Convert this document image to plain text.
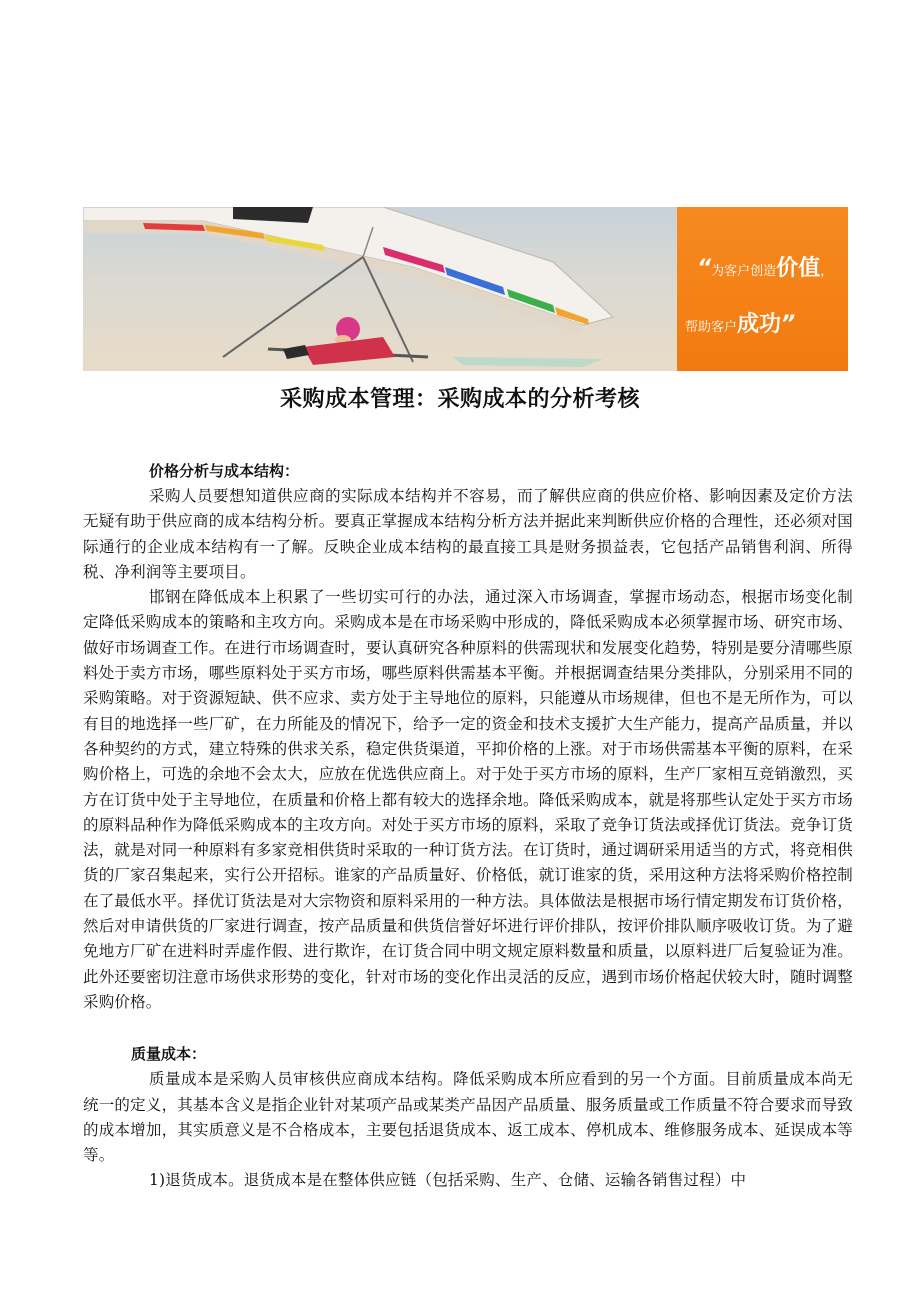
“为客户创造价值，
帮助客户成功”
采购成本管理：采购成本的分析考核
价格分析与成本结构：

采购人员要想知道供应商的实际成本结构并不容易，而了解供应商的供应价格、影响因素及定价方法无疑有助于供应商的成本结构分析。要真正掌握成本结构分析方法并据此来判断供应价格的合理性，还必须对国际通行的企业成本结构有一了解。反映企业成本结构的最直接工具是财务损益表，它包括产品销售利润、所得税、净利润等主要项目。

邯钢在降低成本上积累了一些切实可行的办法，通过深入市场调查，掌握市场动态，根据市场变化制定降低采购成本的策略和主攻方向。采购成本是在市场采购中形成的，降低采购成本必须掌握市场、研究市场、做好市场调查工作。在进行市场调查时，要认真研究各种原料的供需现状和发展变化趋势，特别是要分清哪些原料处于卖方市场，哪些原料处于买方市场，哪些原料供需基本平衡。并根据调查结果分类排队，分别采用不同的采购策略。对于资源短缺、供不应求、卖方处于主导地位的原料，只能遵从市场规律，但也不是无所作为，可以有目的地选择一些厂矿，在力所能及的情况下，给予一定的资金和技术支援扩大生产能力，提高产品质量，并以各种契约的方式，建立特殊的供求关系，稳定供货渠道，平抑价格的上涨。对于市场供需基本平衡的原料，在采购价格上，可选的余地不会太大，应放在优选供应商上。对于处于买方市场的原料，生产厂家相互竞销激烈，买方在订货中处于主导地位，在质量和价格上都有较大的选择余地。降低采购成本，就是将那些认定处于买方市场的原料品种作为降低采购成本的主攻方向。对处于买方市场的原料，采取了竞争订货法或择优订货法。竞争订货法，就是对同一种原料有多家竞相供货时采取的一种订货方法。在订货时，通过调研采用适当的方式，将竞相供货的厂家召集起来，实行公开招标。谁家的产品质量好、价格低，就订谁家的货，采用这种方法将采购价格控制在了最低水平。择优订货法是对大宗物资和原料采用的一种方法。具体做法是根据市场行情定期发布订货价格，然后对申请供货的厂家进行调查，按产品质量和供货信誉好坏进行评价排队，按评价排队顺序吸收订货。为了避免地方厂矿在进料时弄虚作假、进行欺诈，在订货合同中明文规定原料数量和质量，以原料进厂后复验证为准。此外还要密切注意市场供求形势的变化，针对市场的变化作出灵活的反应，遇到市场价格起伏较大时，随时调整采购价格。

质量成本：

质量成本是采购人员审核供应商成本结构。降低采购成本所应看到的另一个方面。目前质量成本尚无统一的定义，其基本含义是指企业针对某项产品或某类产品因产品质量、服务质量或工作质量不符合要求而导致的成本增加，其实质意义是不合格成本，主要包括退货成本、返工成本、停机成本、维修服务成本、延误成本等等。

1)退货成本。退货成本是在整体供应链（包括采购、生产、仓储、运输各销售过程）中
